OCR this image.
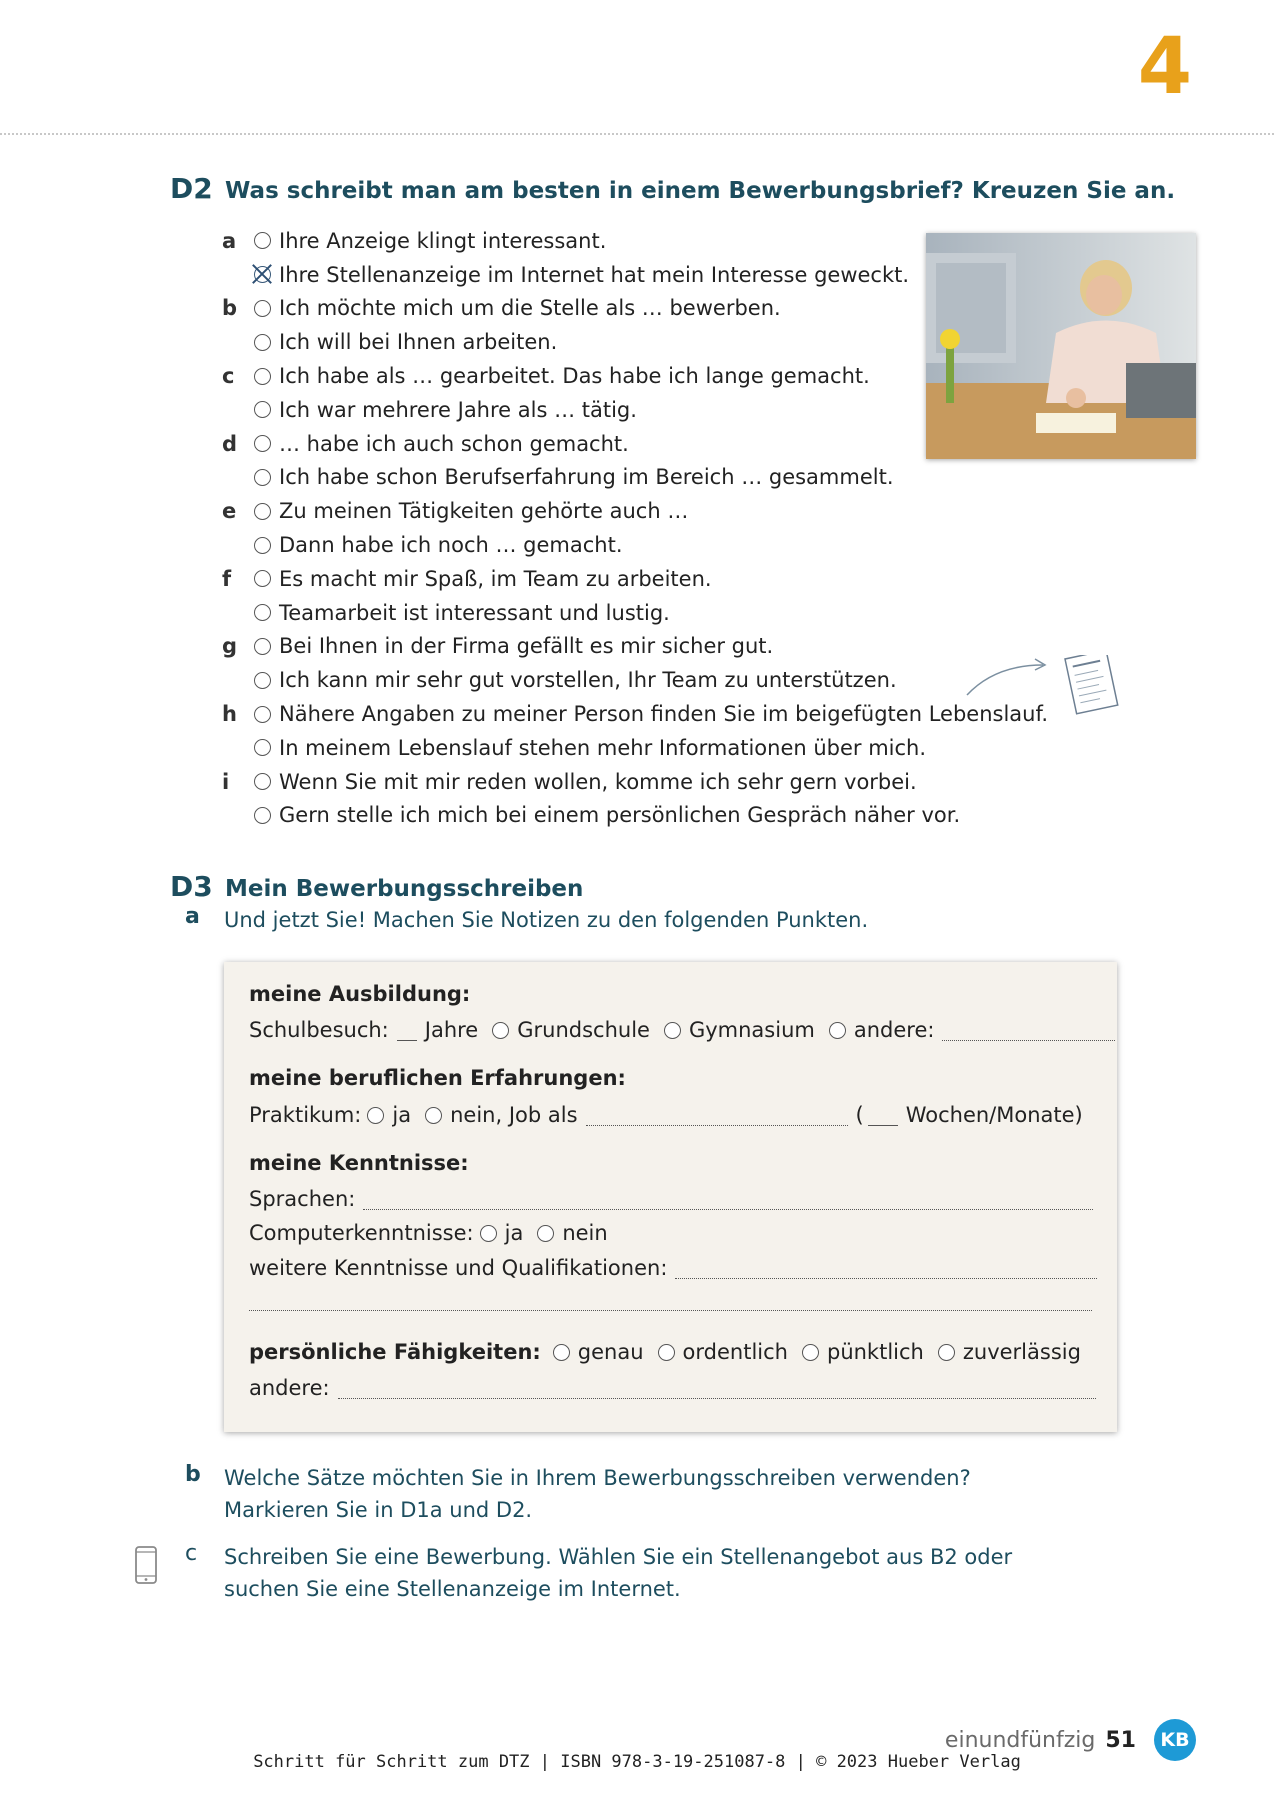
4
D2 Was schreibt man am besten in einem Bewerbungsbrief? Kreuzen Sie an.
a	Ihre Anzeige klingt interessant.
Ihre Stellenanzeige im Internet hat mein Interesse geweckt.
b	Ich möchte mich um die Stelle als … bewerben.
Ich will bei Ihnen arbeiten.
c	Ich habe als … gearbeitet. Das habe ich lange gemacht.
Ich war mehrere Jahre als … tätig.
d	… habe ich auch schon gemacht.
Ich habe schon Berufserfahrung im Bereich … gesammelt.
e	Zu meinen Tätigkeiten gehörte auch …
Dann habe ich noch … gemacht.
f	Es macht mir Spaß, im Team zu arbeiten.
Teamarbeit ist interessant und lustig.
g	Bei Ihnen in der Firma gefällt es mir sicher gut.
Ich kann mir sehr gut vorstellen, Ihr Team zu unterstützen.
h	Nähere Angaben zu meiner Person finden Sie im beigefügten Lebenslauf.
In meinem Lebenslauf stehen mehr Informationen über mich.
i	Wenn Sie mit mir reden wollen, komme ich sehr gern vorbei.
Gern stelle ich mich bei einem persönlichen Gespräch näher vor.
D3 Mein Bewerbungsschreiben
a Und jetzt Sie! Machen Sie Notizen zu den folgenden Punkten.
meine Ausbildung:
Schulbesuch: Jahre Grundschule Gymnasium andere:
meine beruflichen Erfahrungen:
Praktikum: ja nein, Job als	( Wochen/Monate)
meine Kenntnisse:
Sprachen:
Computerkenntnisse: ja nein
weitere Kenntnisse und Qualifikationen:
persönliche Fähigkeiten: genau ordentlich pünktlich zuverlässig
andere:
b Welche Sätze möchten Sie in Ihrem Bewerbungsschreiben verwenden?
Markieren Sie in D1a und D2.
c Schreiben Sie eine Bewerbung. Wählen Sie ein Stellenangebot aus B2 oder
suchen Sie eine Stellenanzeige im Internet.
einundfünfzig 51	KB
Schritt für Schritt zum DTZ | ISBN 978-3-19-251087-8 | © 2023 Hueber Verlag
